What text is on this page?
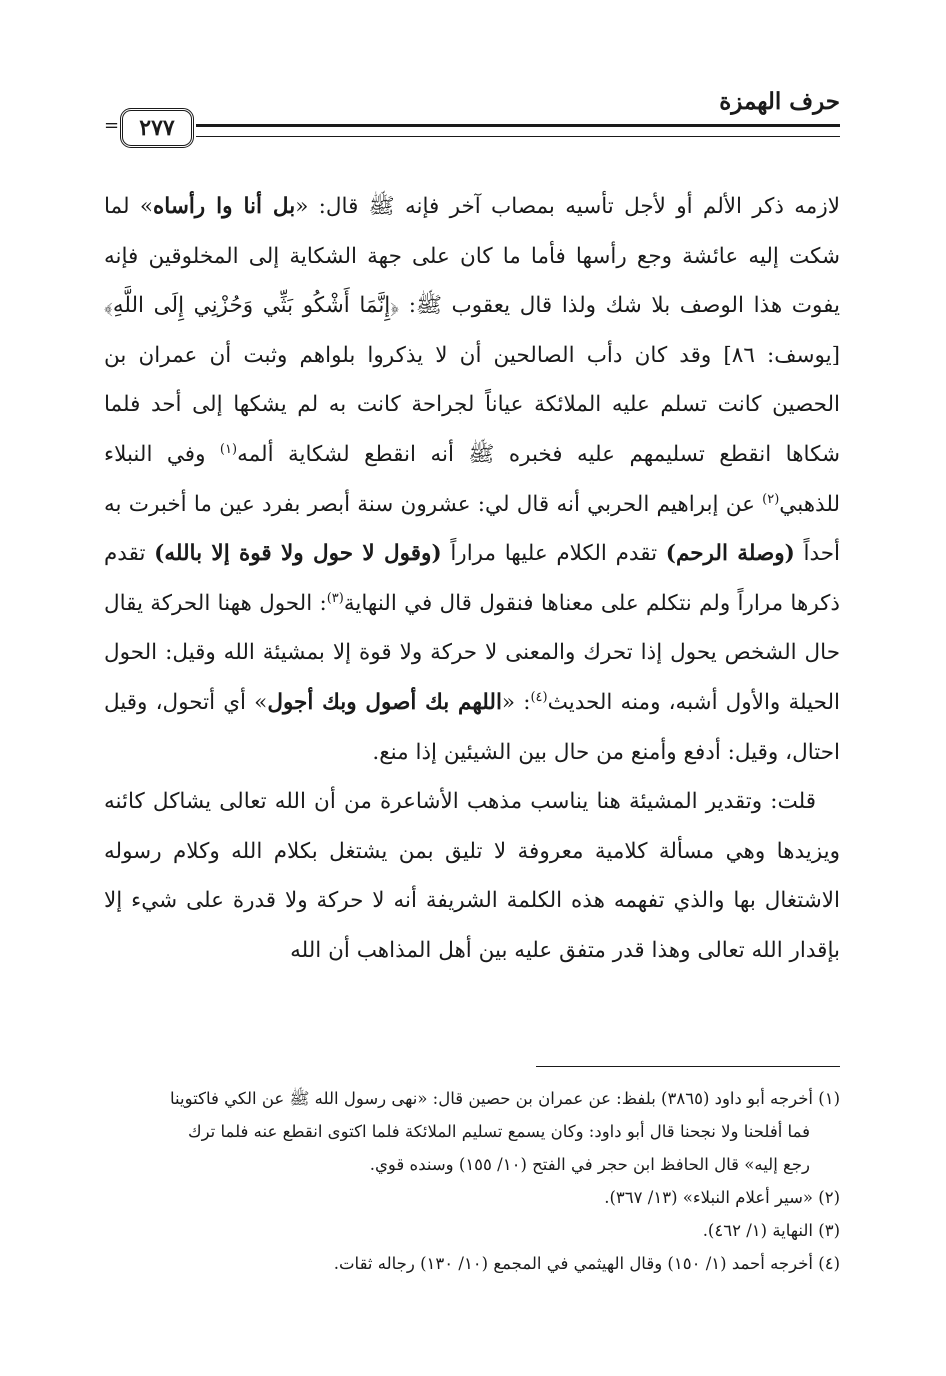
حرف الهمزة
٢٧٧
=

لازمه ذكر الألم أو لأجل تأسيه بمصاب آخر فإنه ﷺ قال: «بل أنا وا رأساه» لما شكت إليه عائشة وجع رأسها فأما ما كان على جهة الشكاية إلى المخلوقين فإنه يفوت هذا الوصف بلا شك ولذا قال يعقوب ﷺ: ﴿إِنَّمَا أَشْكُو بَثِّي وَحُزْنِي إِلَى اللَّهِ﴾ [يوسف: ٨٦] وقد كان دأب الصالحين أن لا يذكروا بلواهم وثبت أن عمران بن الحصين كانت تسلم عليه الملائكة عياناً لجراحة كانت به لم يشكها إلى أحد فلما شكاها انقطع تسليمهم عليه فخبره ﷺ أنه انقطع لشكاية ألمه$^{(١)}$ وفي النبلاء للذهبي$^{(٢)}$ عن إبراهيم الحربي أنه قال لي: عشرون سنة أبصر بفرد عين ما أخبرت به أحداً (وصلة الرحم) تقدم الكلام عليها مراراً (وقول لا حول ولا قوة إلا بالله) تقدم ذكرها مراراً ولم نتكلم على معناها فنقول قال في النهاية$^{(٣)}$: الحول ههنا الحركة يقال حال الشخص يحول إذا تحرك والمعنى لا حركة ولا قوة إلا بمشيئة الله وقيل: الحول الحيلة والأول أشبه، ومنه الحديث$^{(٤)}$: «اللهم بك أصول وبك أجول» أي أتحول، وقيل احتال، وقيل: أدفع وأمنع من حال بين الشيئين إذا منع.

قلت: وتقدير المشيئة هنا يناسب مذهب الأشاعرة من أن الله تعالى يشاكل كائنه ويزيدها وهي مسألة كلامية معروفة لا تليق بمن يشتغل بكلام الله وكلام رسوله الاشتغال بها والذي تفهمه هذه الكلمة الشريفة أنه لا حركة ولا قدرة على شيء إلا بإقدار الله تعالى وهذا قدر متفق عليه بين أهل المذاهب أن الله

(١) أخرجه أبو داود (٣٨٦٥) بلفظ: عن عمران بن حصين قال: «نهى رسول الله ﷺ عن الكي فاكتوينا

فما أفلحنا ولا نجحنا قال أبو داود: وكان يسمع تسليم الملائكة فلما اكتوى انقطع عنه فلما ترك

رجع إليه» قال الحافظ ابن حجر في الفتح (١٠/ ١٥٥) وسنده قوي.

(٢) «سير أعلام النبلاء» (١٣/ ٣٦٧).

(٣) النهاية (١/ ٤٦٢).

(٤) أخرجه أحمد (١/ ١٥٠) وقال الهيثمي في المجمع (١٠/ ١٣٠) رجاله ثقات.
